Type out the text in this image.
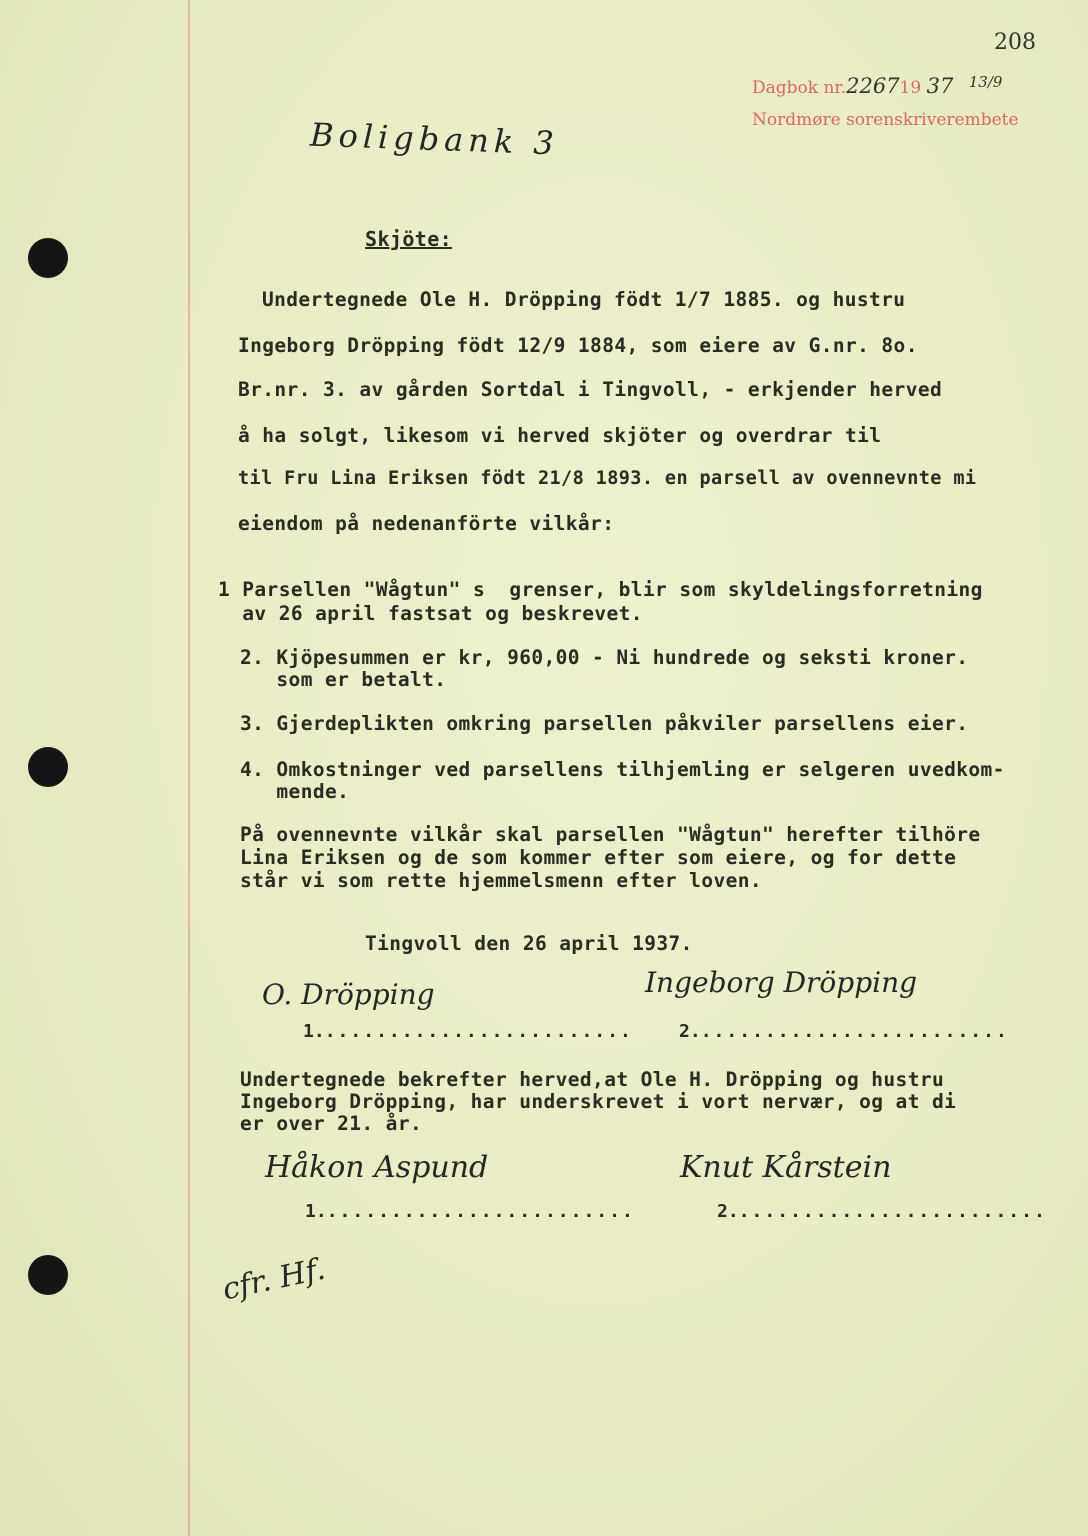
208
Dagbok nr.226719 37 13/9
Nordmøre sorenskriverembete
Boligbank 3
Skjöte:
Undertegnede Ole H. Dröpping födt 1/7 1885. og hustru
Ingeborg Dröpping födt 12/9 1884, som eiere av G.nr. 8o.
Br.nr. 3. av gården Sortdal i Tingvoll, - erkjender herved
å ha solgt, likesom vi herved skjöter og overdrar til
til Fru Lina Eriksen födt 21/8 1893. en parsell av ovennevnte mi
eiendom på nedenanförte vilkår:
1 Parsellen "Wågtun" s  grenser, blir som skyldelingsforretning
av 26 april fastsat og beskrevet.
2. Kjöpesummen er kr, 960,00 - Ni hundrede og seksti kroner.
som er betalt.
3. Gjerdeplikten omkring parsellen påkviler parsellens eier.
4. Omkostninger ved parsellens tilhjemling er selgeren uvedkom-
mende.
På ovennevnte vilkår skal parsellen "Wågtun" herefter tilhöre
Lina Eriksen og de som kommer efter som eiere, og for dette
står vi som rette hjemmelsmenn efter loven.
Tingvoll den 26 april 1937.

1.........................

O. Dröpping

2.........................

Ingeborg Dröpping
Undertegnede bekrefter herved,at Ole H. Dröpping og hustru
Ingeborg Dröpping, har underskrevet i vort nervær, og at di
er over 21. år.

1.........................

Håkon Aspund

2.........................

Knut Kårstein
cfr. Hf.
